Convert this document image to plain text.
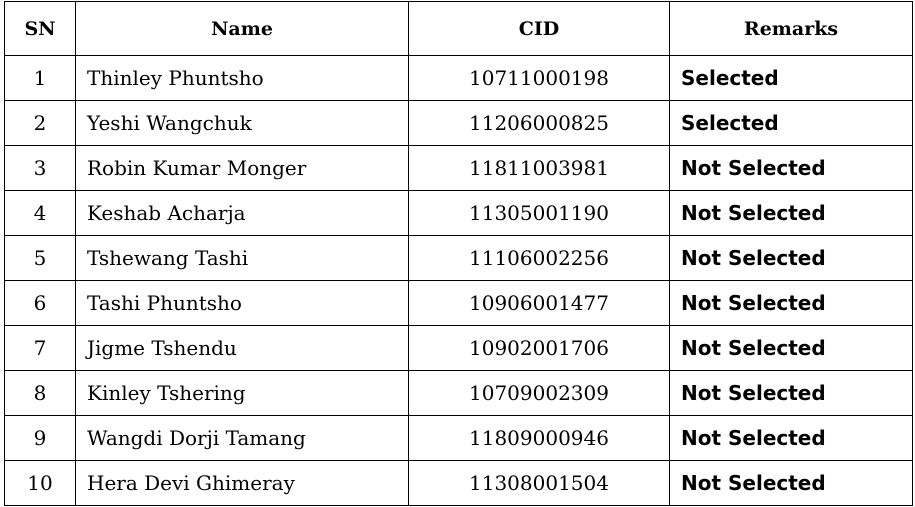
SN	Name	CID	Remarks
1	Thinley Phuntsho	10711000198	Selected
2	Yeshi Wangchuk	11206000825	Selected
3	Robin Kumar Monger	11811003981	Not Selected
4	Keshab Acharja	11305001190	Not Selected
5	Tshewang Tashi	11106002256	Not Selected
6	Tashi Phuntsho	10906001477	Not Selected
7	Jigme Tshendu	10902001706	Not Selected
8	Kinley Tshering	10709002309	Not Selected
9	Wangdi Dorji Tamang	11809000946	Not Selected
10	Hera Devi Ghimeray	11308001504	Not Selected
